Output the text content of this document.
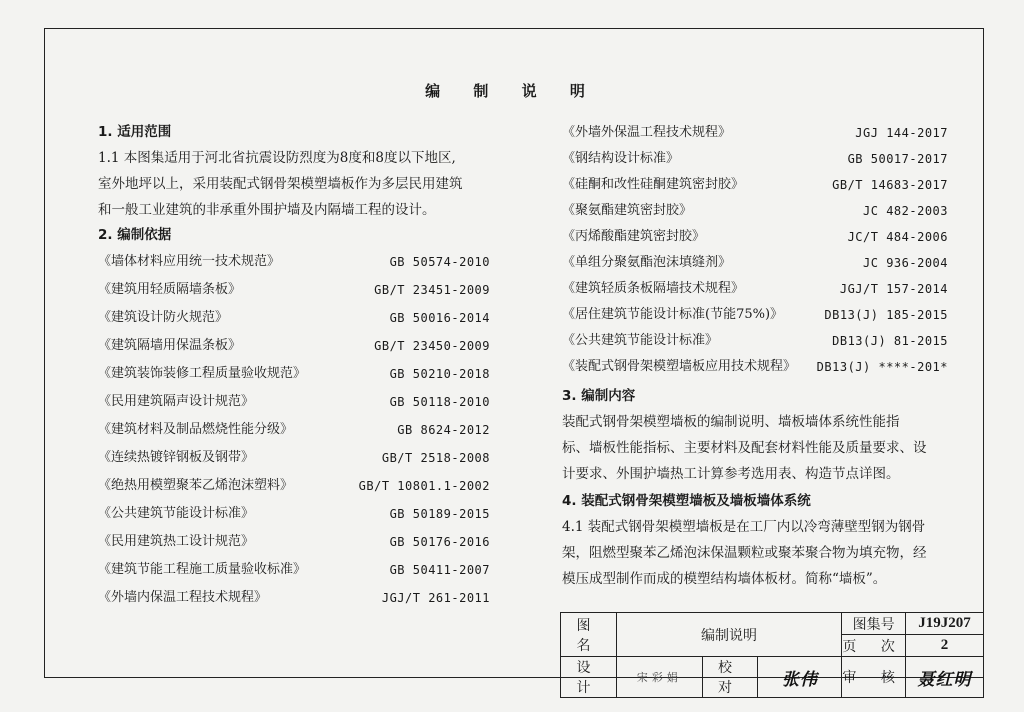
编 制 说 明
1. 适用范围
1.1 本图集适用于河北省抗震设防烈度为8度和8度以下地区,
室外地坪以上，采用装配式钢骨架模塑墙板作为多层民用建筑
和一般工业建筑的非承重外围护墙及内隔墙工程的设计。
2. 编制依据
《墙体材料应用统一技术规范》	GB 50574-2010
《建筑用轻质隔墙条板》	GB/T 23451-2009
《建筑设计防火规范》	GB 50016-2014
《建筑隔墙用保温条板》	GB/T 23450-2009
《建筑装饰装修工程质量验收规范》	GB 50210-2018
《民用建筑隔声设计规范》	GB 50118-2010
《建筑材料及制品燃烧性能分级》	GB 8624-2012
《连续热镀锌钢板及钢带》	GB/T 2518-2008
《绝热用模塑聚苯乙烯泡沫塑料》	GB/T 10801.1-2002
《公共建筑节能设计标准》	GB 50189-2015
《民用建筑热工设计规范》	GB 50176-2016
《建筑节能工程施工质量验收标准》	GB 50411-2007
《外墙内保温工程技术规程》	JGJ/T 261-2011
《外墙外保温工程技术规程》	JGJ 144-2017
《钢结构设计标准》	GB 50017-2017
《硅酮和改性硅酮建筑密封胶》	GB/T 14683-2017
《聚氨酯建筑密封胶》	JC 482-2003
《丙烯酸酯建筑密封胶》	JC/T 484-2006
《单组分聚氨酯泡沫填缝剂》	JC 936-2004
《建筑轻质条板隔墙技术规程》	JGJ/T 157-2014
《居住建筑节能设计标准(节能75%)》	DB13(J) 185-2015
《公共建筑节能设计标准》	DB13(J) 81-2015
《装配式钢骨架模塑墙板应用技术规程》 DB13(J) ****-201*
3. 编制内容
装配式钢骨架模塑墙板的编制说明、墙板墙体系统性能指
标、墙板性能指标、主要材料及配套材料性能及质量要求、设
计要求、外围护墙热工计算参考选用表、构造节点详图。
4. 装配式钢骨架模塑墙板及墙板墙体系统
4.1 装配式钢骨架模塑墙板是在工厂内以冷弯薄壁型钢为钢骨
架，阻燃型聚苯乙烯泡沫保温颗粒或聚苯聚合物为填充物，经
模压成型制作而成的模塑结构墙体板材。简称“墙板”。
图 名	编制说明			图集号	J19J207
				页 次	2
设 计	宋彩娟	校 对	张伟	审 核	聂红明
